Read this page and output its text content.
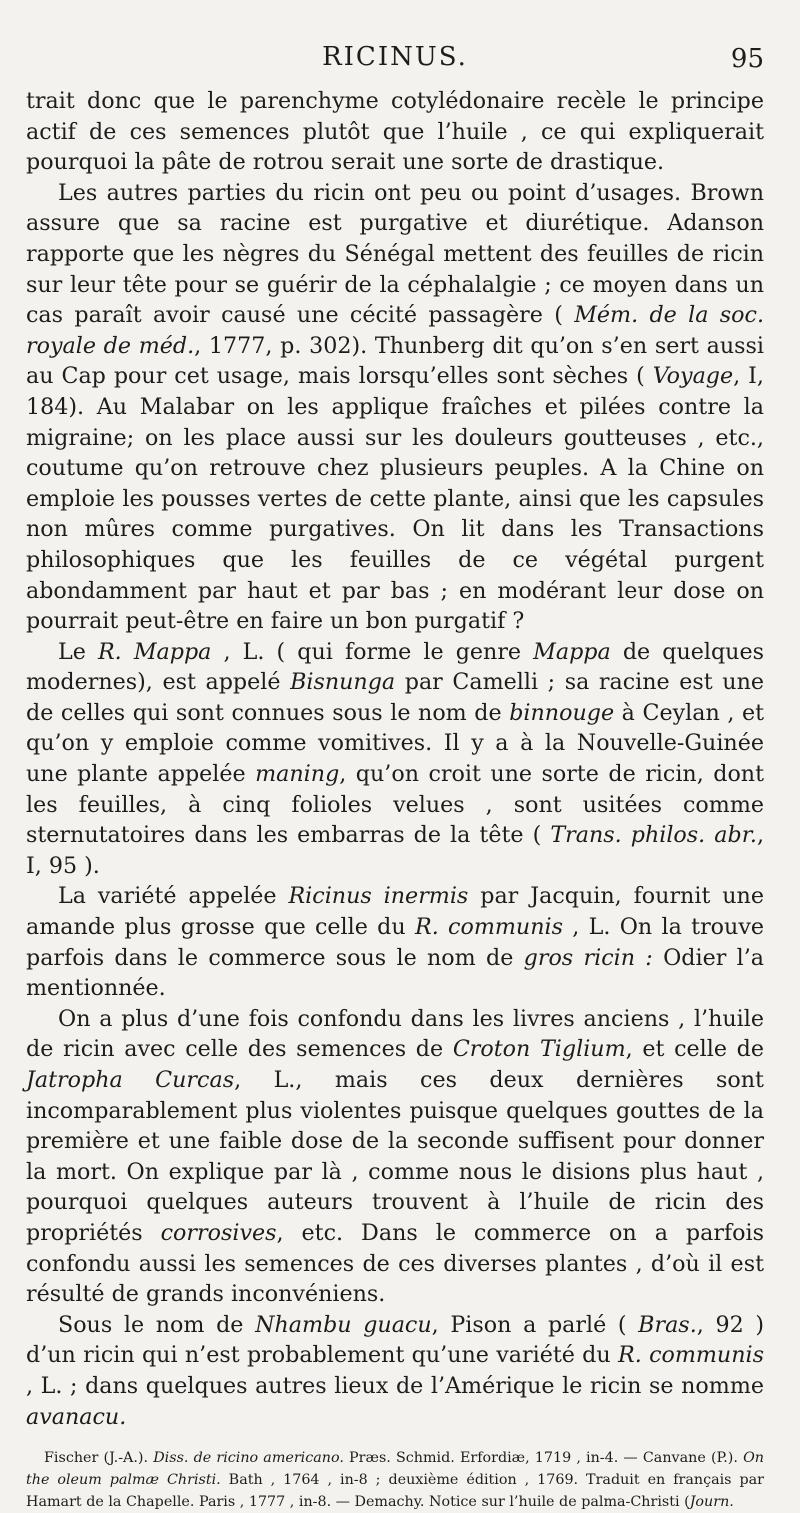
RICINUS.	95

trait donc que le parenchyme cotylédonaire recèle le principe actif de ces semences plutôt que l’huile , ce qui expliquerait pourquoi la pâte de rotrou serait une sorte de drastique.

Les autres parties du ricin ont peu ou point d’usages. Brown assure que sa racine est purgative et diurétique. Adanson rapporte que les nègres du Sénégal mettent des feuilles de ricin sur leur tête pour se guérir de la céphalalgie ; ce moyen dans un cas paraît avoir causé une cécité passagère ( Mém. de la soc. royale de méd., 1777, p. 302). Thunberg dit qu’on s’en sert aussi au Cap pour cet usage, mais lorsqu’elles sont sèches ( Voyage, I, 184). Au Malabar on les applique fraîches et pilées contre la migraine; on les place aussi sur les douleurs goutteuses , etc., coutume qu’on retrouve chez plusieurs peuples. A la Chine on emploie les pousses vertes de cette plante, ainsi que les capsules non mûres comme purgatives. On lit dans les Transactions philosophiques que les feuilles de ce végétal purgent abondamment par haut et par bas ; en modérant leur dose on pourrait peut-être en faire un bon purgatif ?

Le R. Mappa , L. ( qui forme le genre Mappa de quelques modernes), est appelé Bisnunga par Camelli ; sa racine est une de celles qui sont connues sous le nom de binnouge à Ceylan , et qu’on y emploie comme vomitives. Il y a à la Nouvelle-Guinée une plante appelée maning, qu’on croit une sorte de ricin, dont les feuilles, à cinq folioles velues , sont usitées comme sternutatoires dans les embarras de la tête ( Trans. philos. abr., I, 95 ).

La variété appelée Ricinus inermis par Jacquin, fournit une amande plus grosse que celle du R. communis , L. On la trouve parfois dans le commerce sous le nom de gros ricin : Odier l’a mentionnée.

On a plus d’une fois confondu dans les livres anciens , l’huile de ricin avec celle des semences de Croton Tiglium, et celle de Jatropha Curcas, L., mais ces deux dernières sont incomparablement plus violentes puisque quelques gouttes de la première et une faible dose de la seconde suffisent pour donner la mort. On explique par là , comme nous le disions plus haut , pourquoi quelques auteurs trouvent à l’huile de ricin des propriétés corrosives, etc. Dans le commerce on a parfois confondu aussi les semences de ces diverses plantes , d’où il est résulté de grands inconvéniens.

Sous le nom de Nhambu guacu, Pison a parlé ( Bras., 92 ) d’un ricin qui n’est probablement qu’une variété du R. communis , L. ; dans quelques autres lieux de l’Amérique le ricin se nomme avanacu.

Fischer (J.-A.). Diss. de ricino americano. Præs. Schmid. Erfordiæ, 1719 , in-4. — Canvane (P.). On the oleum palmæ Christi. Bath , 1764 , in-8 ; deuxième édition , 1769. Traduit en français par Hamart de la Chapelle. Paris , 1777 , in-8. — Demachy. Notice sur l’huile de palma-Christi (Journ.
